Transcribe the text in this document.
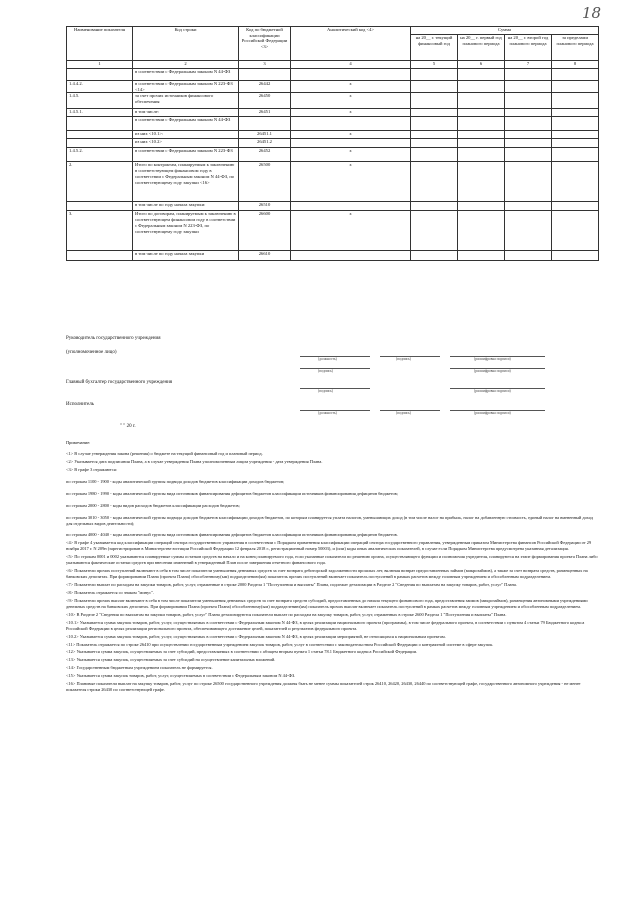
18
Наименование показателя	Код строки	Код по бюджетной классификации Российской Федерации <3>	Аналитический код <4>	Сумма				
				на 20__ г. текущий финансовый год	на 20__ г. первый год планового периода	на 20__ г. второй год планового периода	за пределами планового периода	
1	2	3	4	5	6	7	8	
	в соответствии с Федеральным законом N 44-ФЗ							
1.4.4.2.	в соответствии с Федеральным законом N 223-ФЗ <14>	26442	x					
1.4.5.	за счет прочих источников финансового обеспечения	26450	x					
1.4.5.1.	в том числе:	26451	x					
	в соответствии с Федеральным законом N 44-ФЗ							
	из них <10.1>:	26451.1	x					
	из них <10.2>	26451.2						
1.4.5.2.	в соответствии с Федеральным законом N 223-ФЗ	26452	x					
2.	Итого по контрактам, планируемым к заключению в соответствующем финансовом году в соответствии с Федеральным законом N 44-ФЗ, по соответствующему году закупки <16>	26500	x					
	в том числе по году начала закупки:	26510						
3.	Итого по договорам, планируемым к заключению в соответствующем финансовом году в соответствии с Федеральным законом N 223-ФЗ, по соответствующему году закупки	26600	x					
	в том числе по году начала закупки	26610						
Руководитель государственного учреждения
(уполномоченное лицо)
(должность)	(подпись)	(расшифровка подписи)
(подпись)	(расшифровка подписи)
Главный бухгалтер государственного учреждения
(подпись)	(расшифровка подписи)
Исполнитель
(должность)	(подпись)	(расшифровка подписи)
" " 20 г.

Примечание:

<1> В случае утверждения закона (решения) о бюджете на текущий финансовый год и плановый период.

<2> Указывается дата подписания Плана, а в случае утверждения Плана уполномоченным лицом учреждения - дата утверждения Плана.

<3> В графе 3 отражаются:

по строкам 1100 - 1900 - коды аналитической группы подвида доходов бюджетов классификации доходов бюджетов;

по строкам 1980 - 1990 - коды аналитической группы вида источников финансирования дефицитов бюджетов классификации источников финансирования дефицитов бюджетов;

по строкам 2000 - 2800 - коды видов расходов бюджетов классификации расходов бюджетов;

по строкам 3010 - 3050 - коды аналитической группы подвида доходов бюджетов классификации доходов бюджетов, по которым планируется уплата налогов, уменьшающих доход (в том числе налог на прибыль, налог на добавленную стоимость, единый налог на вмененный доход для отдельных видов деятельности);

по строкам 4000 - 4040 - коды аналитической группы вида источников финансирования дефицитов бюджетов классификации источников финансирования дефицитов бюджетов.

<4> В графе 4 указывается код классификации операций сектора государственного управления в соответствии с Порядком применения классификации операций сектора государственного управления, утвержденным приказом Министерства финансов Российской Федерации от 29 ноября 2017 г. N 209н (зарегистрирован в Министерстве юстиции Российской Федерации 12 февраля 2018 г., регистрационный номер 50003), и (или) коды иных аналитических показателей, в случае если Порядком Министерства предусмотрена указанная детализация.

<5> По строкам 0001 и 0002 указываются планируемые суммы остатков средств на начало и на конец планируемого года, если указанные показатели по решению органа, осуществляющего функции и полномочия учредителя, планируются на этапе формирования проекта Плана либо указываются фактические остатки средств при внесении изменений в утвержденный План после завершения отчетного финансового года.

<6> Показатели прочих поступлений включают в себя в том числе показатели уменьшения денежных средств за счет возврата дебиторской задолженности прошлых лет, включая возврат предоставленных займов (микрозаймов), а также за счет возврата средств, размещенных на банковских депозитах. При формировании Плана (проекта Плана) обособленному(ым) подразделению(ям) показатель прочих поступлений включает показатель поступлений в рамках расчетов между головным учреждением и обособленным подразделением.

<7> Показатели выплат по расходам на закупки товаров, работ, услуг, отраженные в строке 2000 Раздела 1 "Поступления и выплаты" Плана, подлежат детализации в Разделе 2 "Сведения по выплатам на закупку товаров, работ, услуг" Плана.

<8> Показатель отражается со знаком "минус".

<9> Показатели прочих выплат включают в себя в том числе показатели уменьшения денежных средств за счет возврата средств субсидий, предоставленных до начала текущего финансового года, предоставления заимов (микрозаймов), размещения автономными учреждениями денежных средств на банковских депозитах. При формировании Плана (проекта Плана) обособленному(ым) подразделению(ям) показатель прочих выплат включает показатель поступлений в рамках расчетов между головным учреждением и обособленным подразделением.

<10> В Разделе 2 "Сведения по выплатам на закупки товаров, работ, услуг" Плана детализируются показатели выплат по расходам на закупку товаров, работ, услуг, отраженных в строке 2600 Раздела 1 "Поступления и выплаты" Плана.

<10.1> Указывается сумма закупок товаров, работ, услуг, осуществляемых в соответствии с Федеральным законом N 44-ФЗ, в целях реализации национального проекта (программы), в том числе федерального проекта, в соответствии с пунктом 4 статьи 79 Бюджетного кодекса Российской Федерации в целях реализации регионального проекта, обеспечивающего достижение целей, показателей и результатов федерального проекта.

<10.2> Указывается сумма закупок товаров, работ, услуг, осуществляемых в соответствии с Федеральным законом N 44-ФЗ, в целях реализации мероприятий, не относящихся к национальным проектам.

<11> Показатель отражается по строке 26410 при осуществлении государственным учреждением закупок товаров, работ, услуг в соответствии с законодательством Российской Федерации о контрактной системе в сфере закупок.

<12> Указывается сумма закупок, осуществляемых за счет субсидий, предоставляемых в соответствии с абзацем вторым пункта 1 статьи 78.1 Бюджетного кодекса Российской Федерации.

<13> Указывается сумма закупок, осуществляемых за счет субсидий на осуществление капитальных вложений.

<14> Государственным бюджетным учреждением показатель не формируется.

<15> Указывается сумма закупок товаров, работ, услуг, осуществляемых в соответствии с Федеральным законом N 44-ФЗ.

<16> Плановые показатели выплат на закупку товаров, работ, услуг по строке 26500 государственного учреждения должны быть не менее суммы показателей строк 26410, 26420, 26430, 26440 по соответствующей графе, государственного автономного учреждения - не менее показателя строки 26430 по соответствующей графе.
